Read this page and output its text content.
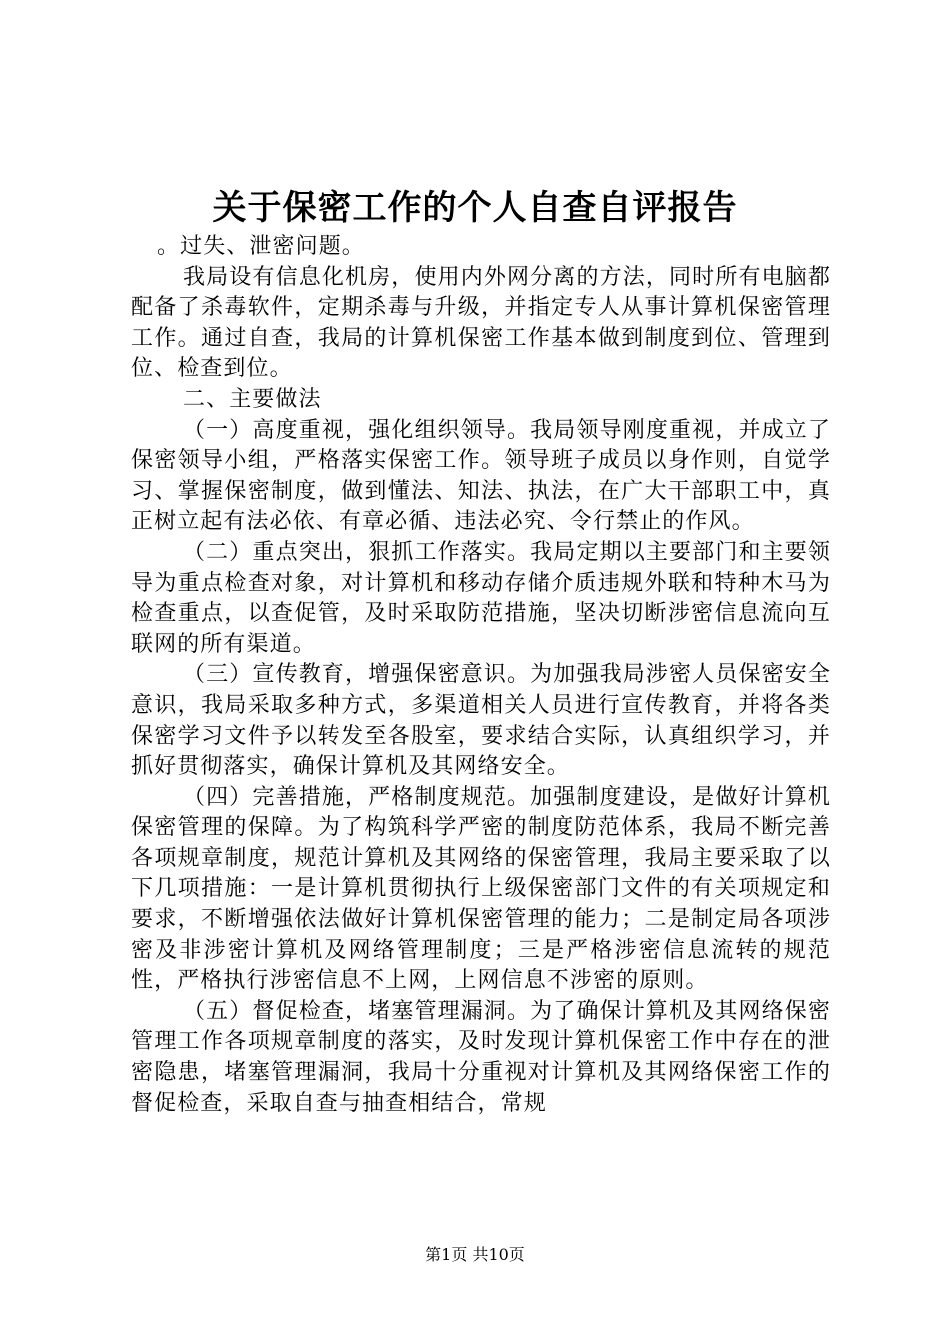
关于保密工作的个人自查自评报告

。过失、泄密问题。

我局设有信息化机房，使用内外网分离的方法，同时所有电脑都配备了杀毒软件，定期杀毒与升级，并指定专人从事计算机保密管理工作。通过自查，我局的计算机保密工作基本做到制度到位、管理到位、检查到位。

二、主要做法

（一）高度重视，强化组织领导。我局领导刚度重视，并成立了保密领导小组，严格落实保密工作。领导班子成员以身作则，自觉学习、掌握保密制度，做到懂法、知法、执法，在广大干部职工中，真正树立起有法必依、有章必循、违法必究、令行禁止的作风。

（二）重点突出，狠抓工作落实。我局定期以主要部门和主要领导为重点检查对象，对计算机和移动存储介质违规外联和特种木马为检查重点，以查促管，及时采取防范措施，坚决切断涉密信息流向互联网的所有渠道。

（三）宣传教育，增强保密意识。为加强我局涉密人员保密安全意识，我局采取多种方式，多渠道相关人员进行宣传教育，并将各类保密学习文件予以转发至各股室，要求结合实际，认真组织学习，并抓好贯彻落实，确保计算机及其网络安全。

（四）完善措施，严格制度规范。加强制度建设，是做好计算机保密管理的保障。为了构筑科学严密的制度防范体系，我局不断完善各项规章制度，规范计算机及其网络的保密管理，我局主要采取了以下几项措施：一是计算机贯彻执行上级保密部门文件的有关项规定和要求，不断增强依法做好计算机保密管理的能力；二是制定局各项涉密及非涉密计算机及网络管理制度；三是严格涉密信息流转的规范性，严格执行涉密信息不上网，上网信息不涉密的原则。

（五）督促检查，堵塞管理漏洞。为了确保计算机及其网络保密管理工作各项规章制度的落实，及时发现计算机保密工作中存在的泄密隐患，堵塞管理漏洞，我局十分重视对计算机及其网络保密工作的督促检查，采取自查与抽查相结合，常规

第1页 共10页
